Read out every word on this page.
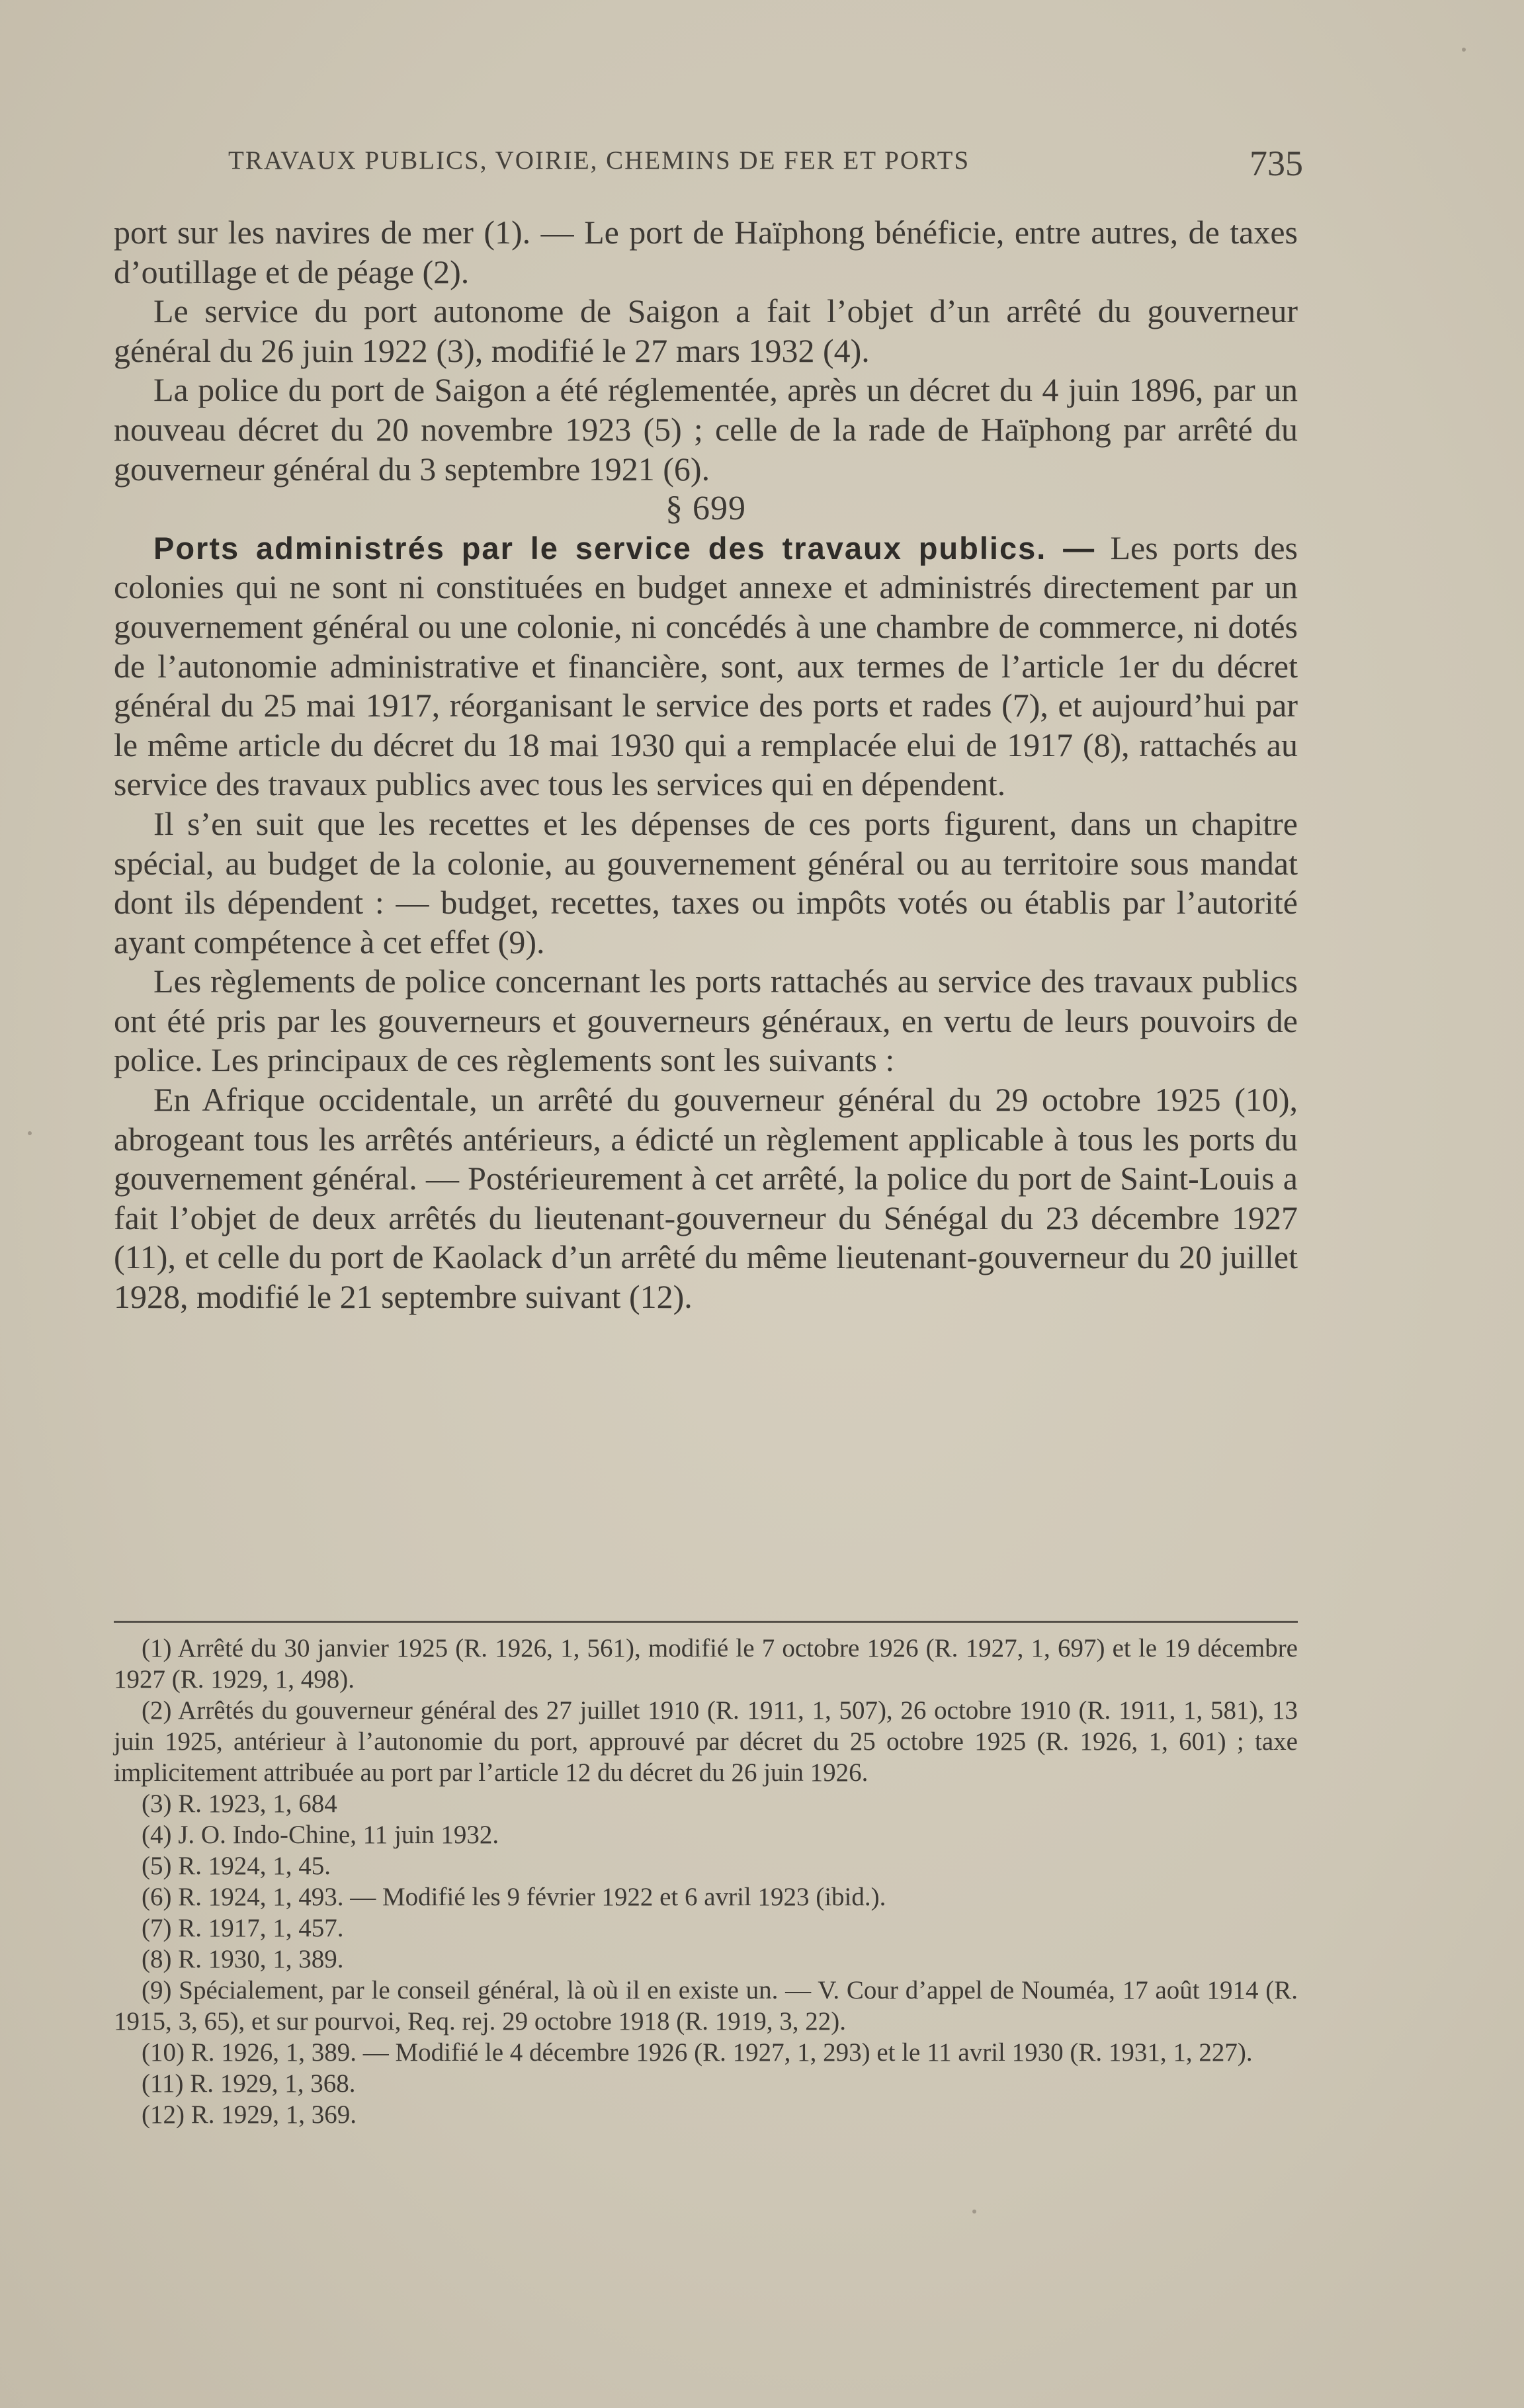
TRAVAUX PUBLICS, VOIRIE, CHEMINS DE FER ET PORTS	735

port sur les navires de mer (1). — Le port de Haïphong bénéficie, entre autres, de taxes d’outillage et de péage (2).

Le service du port autonome de Saigon a fait l’objet d’un arrêté du gouverneur général du 26 juin 1922 (3), modifié le 27 mars 1932 (4).

La police du port de Saigon a été réglementée, après un décret du 4 juin 1896, par un nouveau décret du 20 novembre 1923 (5) ; celle de la rade de Haïphong par arrêté du gouverneur général du 3 septembre 1921 (6).

§ 699

Ports administrés par le service des travaux publics. — Les ports des colonies qui ne sont ni constituées en budget annexe et administrés directement par un gouvernement général ou une colonie, ni concédés à une chambre de commerce, ni dotés de l’autonomie administrative et financière, sont, aux termes de l’article 1er du décret général du 25 mai 1917, réorganisant le service des ports et rades (7), et aujourd’hui par le même article du décret du 18 mai 1930 qui a remplacée elui de 1917 (8), rattachés au service des travaux publics avec tous les services qui en dépendent.

Il s’en suit que les recettes et les dépenses de ces ports figurent, dans un chapitre spécial, au budget de la colonie, au gouvernement général ou au territoire sous mandat dont ils dépendent : — budget, recettes, taxes ou impôts votés ou établis par l’autorité ayant compétence à cet effet (9).

Les règlements de police concernant les ports rattachés au service des travaux publics ont été pris par les gouverneurs et gouverneurs généraux, en vertu de leurs pouvoirs de police. Les principaux de ces règlements sont les suivants :

En Afrique occidentale, un arrêté du gouverneur général du 29 octobre 1925 (10), abrogeant tous les arrêtés antérieurs, a édicté un règlement applicable à tous les ports du gouvernement général. — Postérieurement à cet arrêté, la police du port de Saint-Louis a fait l’objet de deux arrêtés du lieutenant-gouverneur du Sénégal du 23 décembre 1927 (11), et celle du port de Kaolack d’un arrêté du même lieutenant-gouverneur du 20 juillet 1928, modifié le 21 septembre suivant (12).

(1) Arrêté du 30 janvier 1925 (R. 1926, 1, 561), modifié le 7 octobre 1926 (R. 1927, 1, 697) et le 19 décembre 1927 (R. 1929, 1, 498).

(2) Arrêtés du gouverneur général des 27 juillet 1910 (R. 1911, 1, 507), 26 octobre 1910 (R. 1911, 1, 581), 13 juin 1925, antérieur à l’autonomie du port, approuvé par décret du 25 octobre 1925 (R. 1926, 1, 601) ; taxe implicitement attribuée au port par l’article 12 du décret du 26 juin 1926.

(3) R. 1923, 1, 684

(4) J. O. Indo-Chine, 11 juin 1932.

(5) R. 1924, 1, 45.

(6) R. 1924, 1, 493. — Modifié les 9 février 1922 et 6 avril 1923 (ibid.).

(7) R. 1917, 1, 457.

(8) R. 1930, 1, 389.

(9) Spécialement, par le conseil général, là où il en existe un. — V. Cour d’appel de Nouméa, 17 août 1914 (R. 1915, 3, 65), et sur pourvoi, Req. rej. 29 octobre 1918 (R. 1919, 3, 22).

(10) R. 1926, 1, 389. — Modifié le 4 décembre 1926 (R. 1927, 1, 293) et le 11 avril 1930 (R. 1931, 1, 227).

(11) R. 1929, 1, 368.

(12) R. 1929, 1, 369.
